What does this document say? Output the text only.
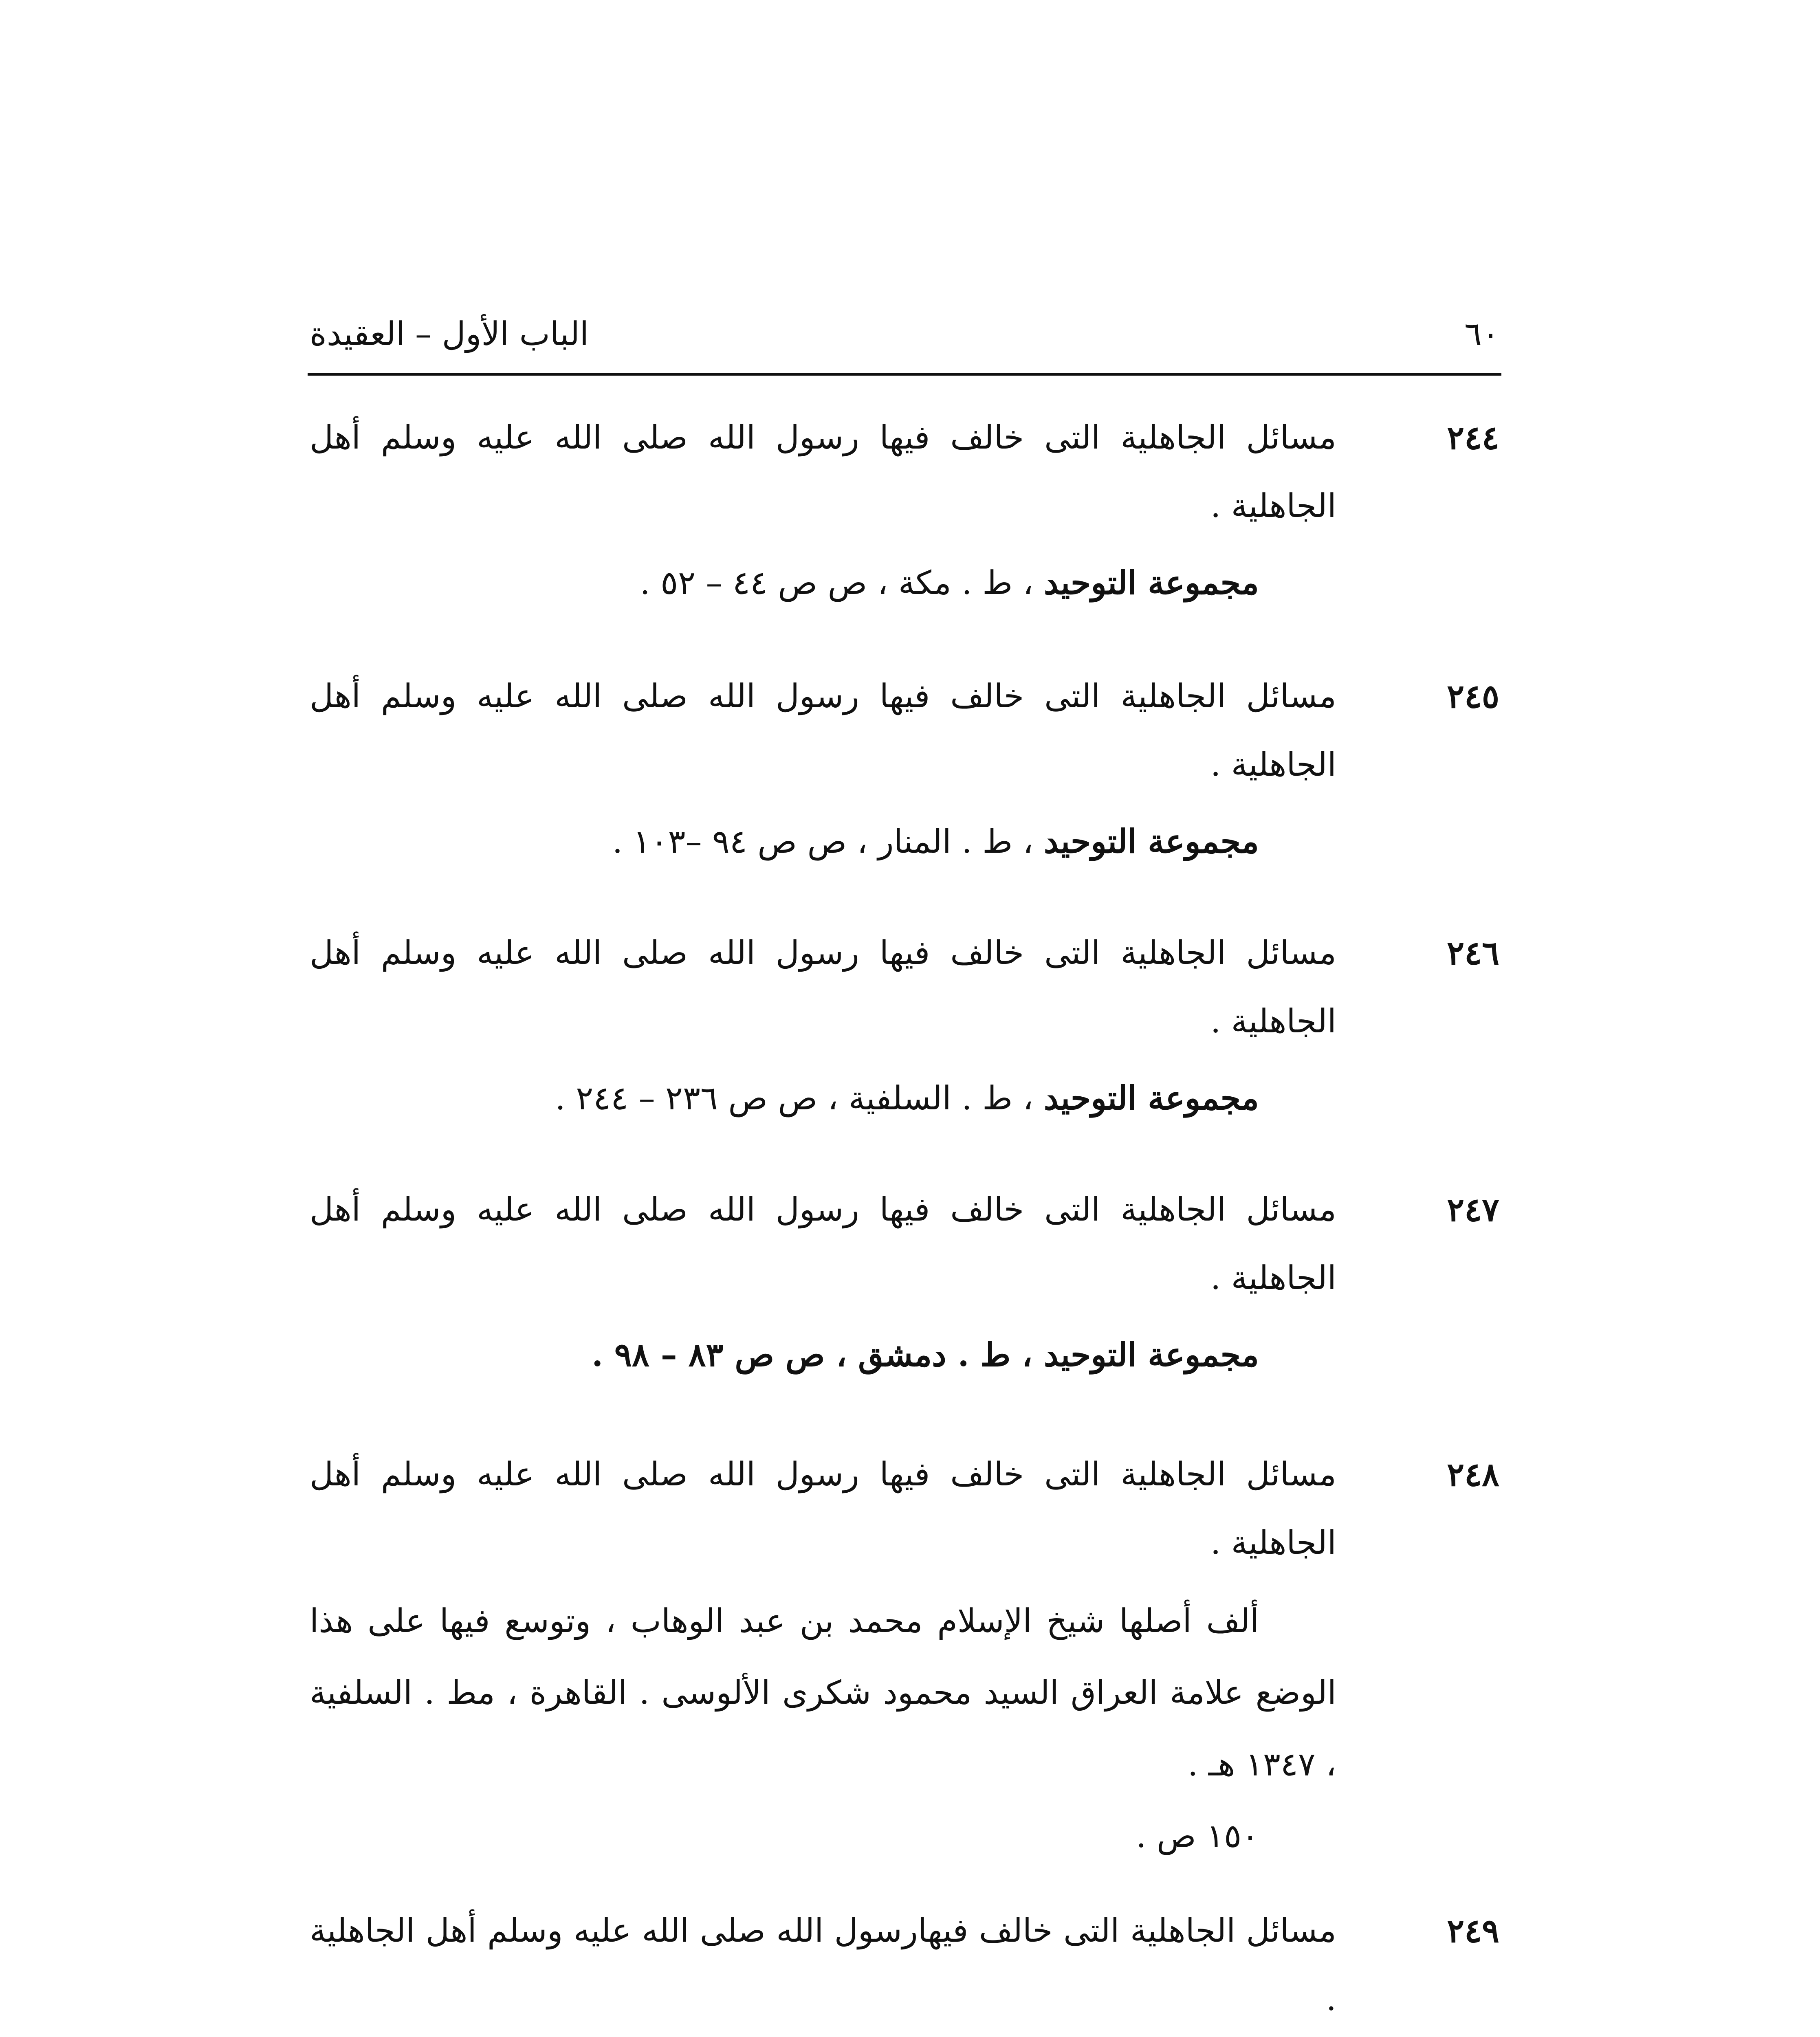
٦٠
الباب الأول – العقيدة
٢٤٤

مسائل الجاهلية التى خالف فيها رسول الله صلى الله عليه وسلم أهل الجاهلية .

مجموعة التوحيد ، ط . مكة ، ص ص ٤٤ – ٥٢ .

٢٤٥

مسائل الجاهلية التى خالف فيها رسول الله صلى الله عليه وسلم أهل الجاهلية .

مجموعة التوحيد ، ط . المنار ، ص ص ٩٤ –١٠٣ .

٢٤٦

مسائل الجاهلية التى خالف فيها رسول الله صلى الله عليه وسلم أهل الجاهلية .

مجموعة التوحيد ، ط . السلفية ، ص ص ٢٣٦ – ٢٤٤ .

٢٤٧

مسائل الجاهلية التى خالف فيها رسول الله صلى الله عليه وسلم أهل الجاهلية .

مجموعة التوحيد ، ط . دمشق ، ص ص ٨٣ – ٩٨ .

٢٤٨

مسائل الجاهلية التى خالف فيها رسول الله صلى الله عليه وسلم أهل الجاهلية .

ألف أصلها شيخ الإسلام محمد بن عبد الوهاب ، وتوسع فيها على هذا الوضع علامة العراق السيد محمود شكرى الألوسى . القاهرة ، مط . السلفية ، ١٣٤٧ هـ .

١٥٠ ص .

٢٤٩

مسائل الجاهلية التى خالف فيهارسول الله صلى الله عليه وسلم أهل الجاهلية .
